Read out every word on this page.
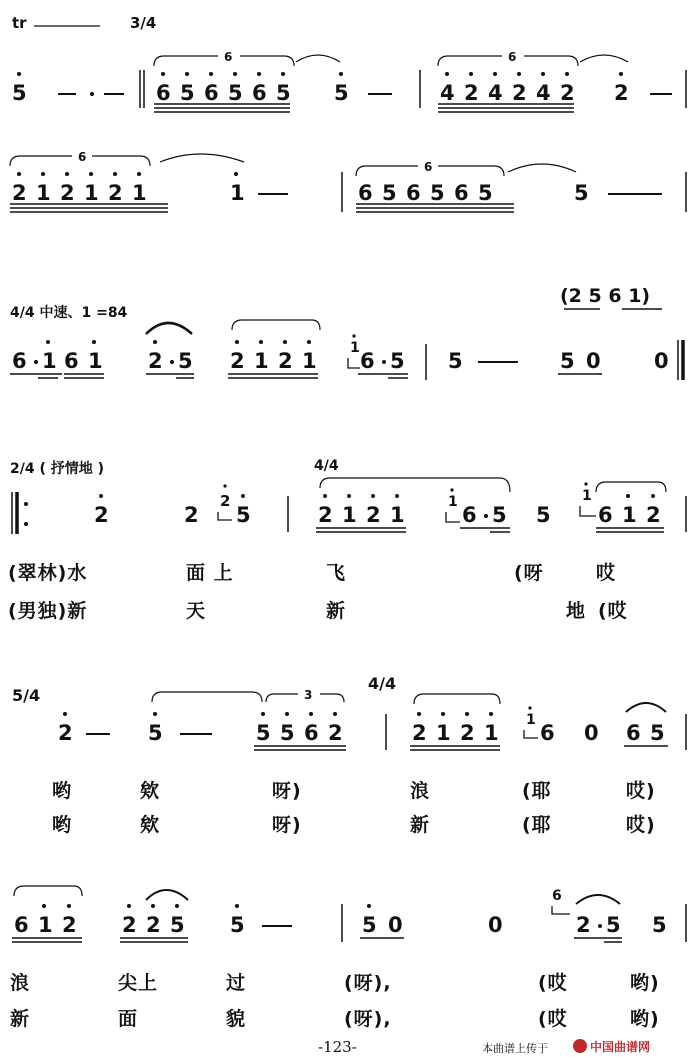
tr	3/4
4/4 中速、1 =84
(2 5 6 1)
2/4 ( 抒情地 )	4/4
(翠林)水	面 上	飞	(呀	哎
(男独)新	天	新	地 (哎
5/4
4/4
哟	欸	呀)	浪	(耶	哎)
哟	欸	呀)	新	(耶	哎)
浪	尖上	过	(呀),	(哎	哟)
新	面	貌	(呀),	(哎	哟)
-123-	本曲谱上传于	中国曲谱网
5	6 5 6 5 6 5
6
5	4 2 4 2 4 2
6
2
2 1 2 1 2 1
6
1	6 5 6 5 6 5
6
5
6 1 6 1 2 5 2 1 2 1
1
6 5 5	5 0	0
2	2
2
5	2 1 2 1
1
6 5 5
1
6 1 2
2	5	5 5 6 2
3
2 1 2 1
1
6 0 6 5
6 1 2 2 2 5 5	5 0	0
6
2 5 5
